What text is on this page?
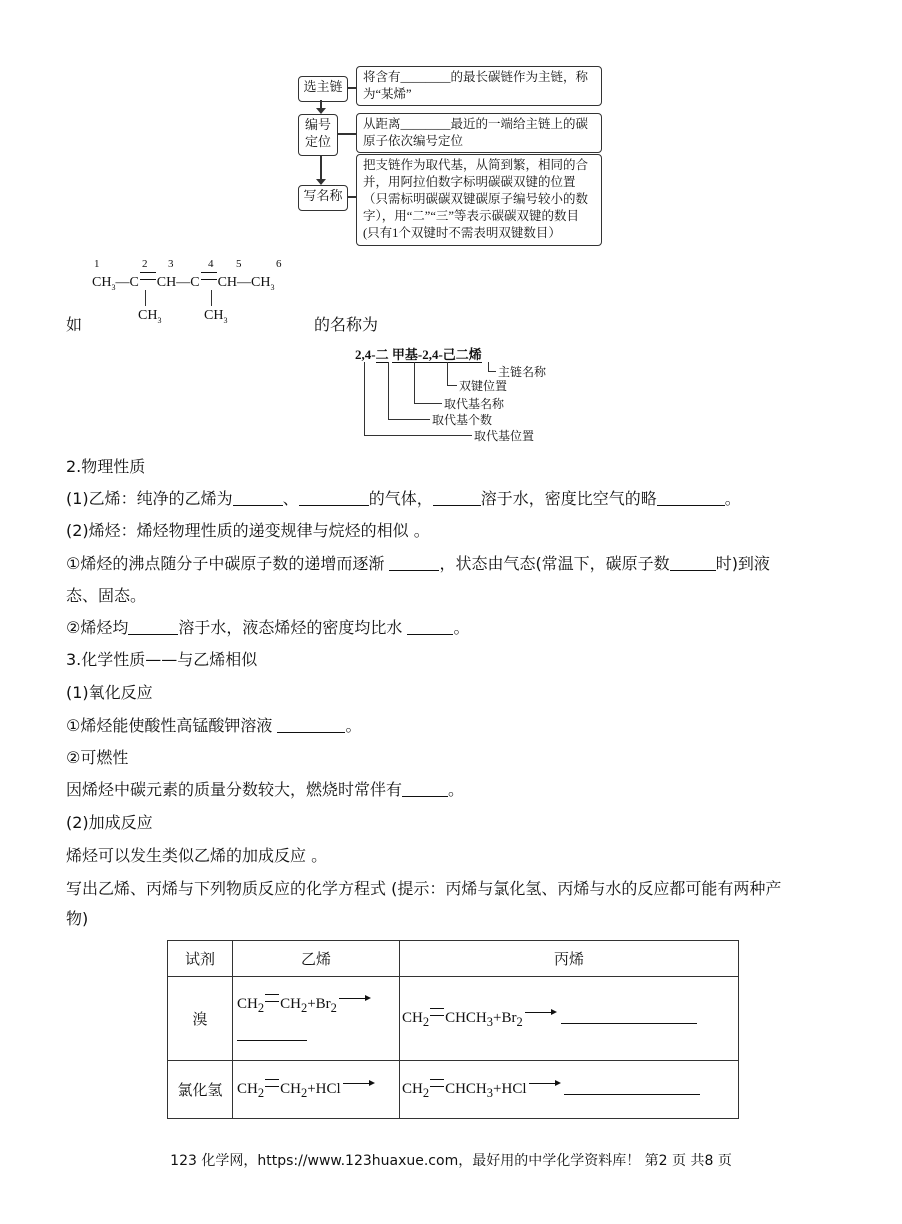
选主链
编号定位
写名称
将含有________的最长碳链作为主链，称为“某烯”
从距离________最近的一端给主链上的碳原子依次编号定位
把支链作为取代基，从简到繁，相同的合并，用阿拉伯数字标明碳碳双键的位置（只需标明碳碳双键碳原子编号较小的数字），用“二”“三”等表示碳碳双键的数目(只有1个双键时不需表明双键数目）
1	2 3	4 5	6
$CH_3—C$ CH—C $CH—CH_3$
$CH_3$	$CH_3$
如	的名称为
2,4-二 甲基-2,4-己二烯
主链名称
双键位置
取代基名称
取代基个数
取代基位置
2.物理性质
(1)乙烯：纯净的乙烯为	、	的气体，	溶于水，密度比空气的略	。
(2)烯烃：烯烃物理性质的递变规律与烷烃的相似 。
①烯烃的沸点随分子中碳原子数的递增而逐渐	，状态由气态(常温下，碳原子数	时)到液
态、固态。
②烯烃均	溶于水，液态烯烃的密度均比水	。
3.化学性质——与乙烯相似
(1)氧化反应
①烯烃能使酸性高锰酸钾溶液	。
②可燃性
因烯烃中碳元素的质量分数较大，燃烧时常伴有	。
(2)加成反应
烯烃可以发生类似乙烯的加成反应 。
写出乙烯、丙烯与下列物质反应的化学方程式 (提示：丙烯与氯化氢、丙烯与水的反应都可能有两种产
物)
试剂	乙烯	丙烯
溴	$CH_2$ $CH_2+Br_2$	$CH_2$ $CHCH_3+Br_2$

氯化氢	$CH_2$ $CH_2+HCl$	$CH_2$ $CHCH_3+HCl$
123 化学网，https://www.123huaxue.com，最好用的中学化学资料库！ 第2 页 共8 页
